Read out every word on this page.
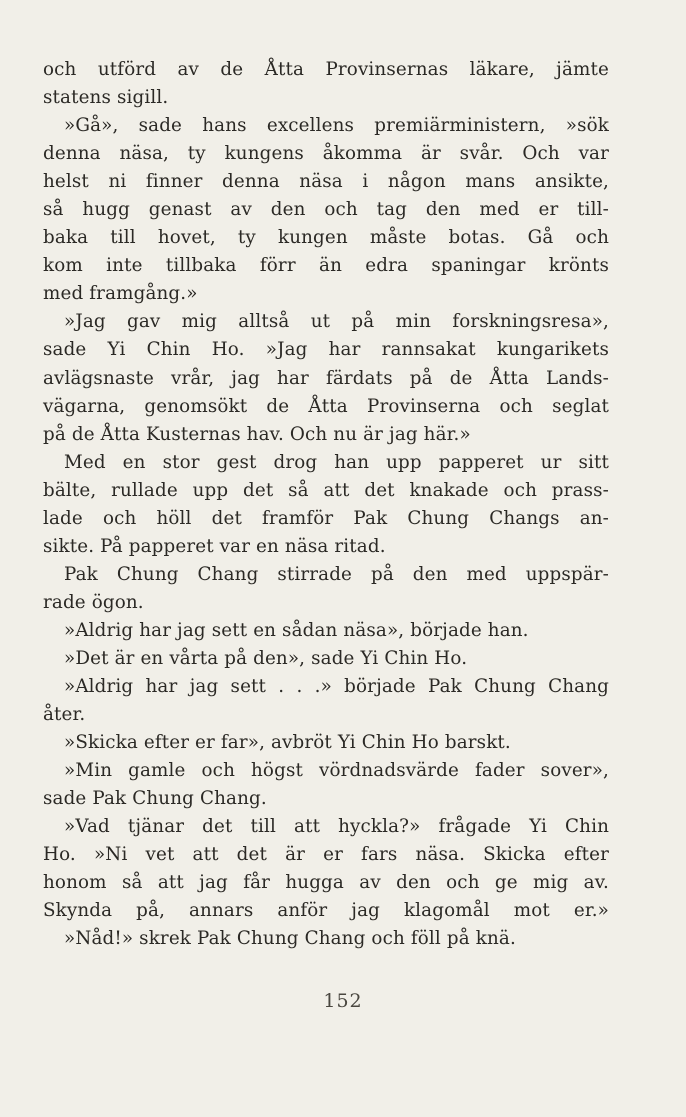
och utförd av de Åtta Provinsernas läkare, jämte
statens sigill.
»Gå», sade hans excellens premiärministern, »sök
denna näsa, ty kungens åkomma är svår. Och var
helst ni finner denna näsa i någon mans ansikte,
så hugg genast av den och tag den med er till-
baka till hovet, ty kungen måste botas. Gå och
kom inte tillbaka förr än edra spaningar krönts
med framgång.»
»Jag gav mig alltså ut på min forskningsresa»,
sade Yi Chin Ho. »Jag har rannsakat kungarikets
avlägsnaste vrår, jag har färdats på de Åtta Lands-
vägarna, genomsökt de Åtta Provinserna och seglat
på de Åtta Kusternas hav. Och nu är jag här.»
Med en stor gest drog han upp papperet ur sitt
bälte, rullade upp det så att det knakade och prass-
lade och höll det framför Pak Chung Changs an-
sikte. På papperet var en näsa ritad.
Pak Chung Chang stirrade på den med uppspär-
rade ögon.
»Aldrig har jag sett en sådan näsa», började han.
»Det är en vårta på den», sade Yi Chin Ho.
»Aldrig har jag sett . . .» började Pak Chung Chang
åter.
»Skicka efter er far», avbröt Yi Chin Ho barskt.
»Min gamle och högst vördnadsvärde fader sover»,
sade Pak Chung Chang.
»Vad tjänar det till att hyckla?» frågade Yi Chin
Ho. »Ni vet att det är er fars näsa. Skicka efter
honom så att jag får hugga av den och ge mig av.
Skynda på, annars anför jag klagomål mot er.»
»Nåd!» skrek Pak Chung Chang och föll på knä.
152
